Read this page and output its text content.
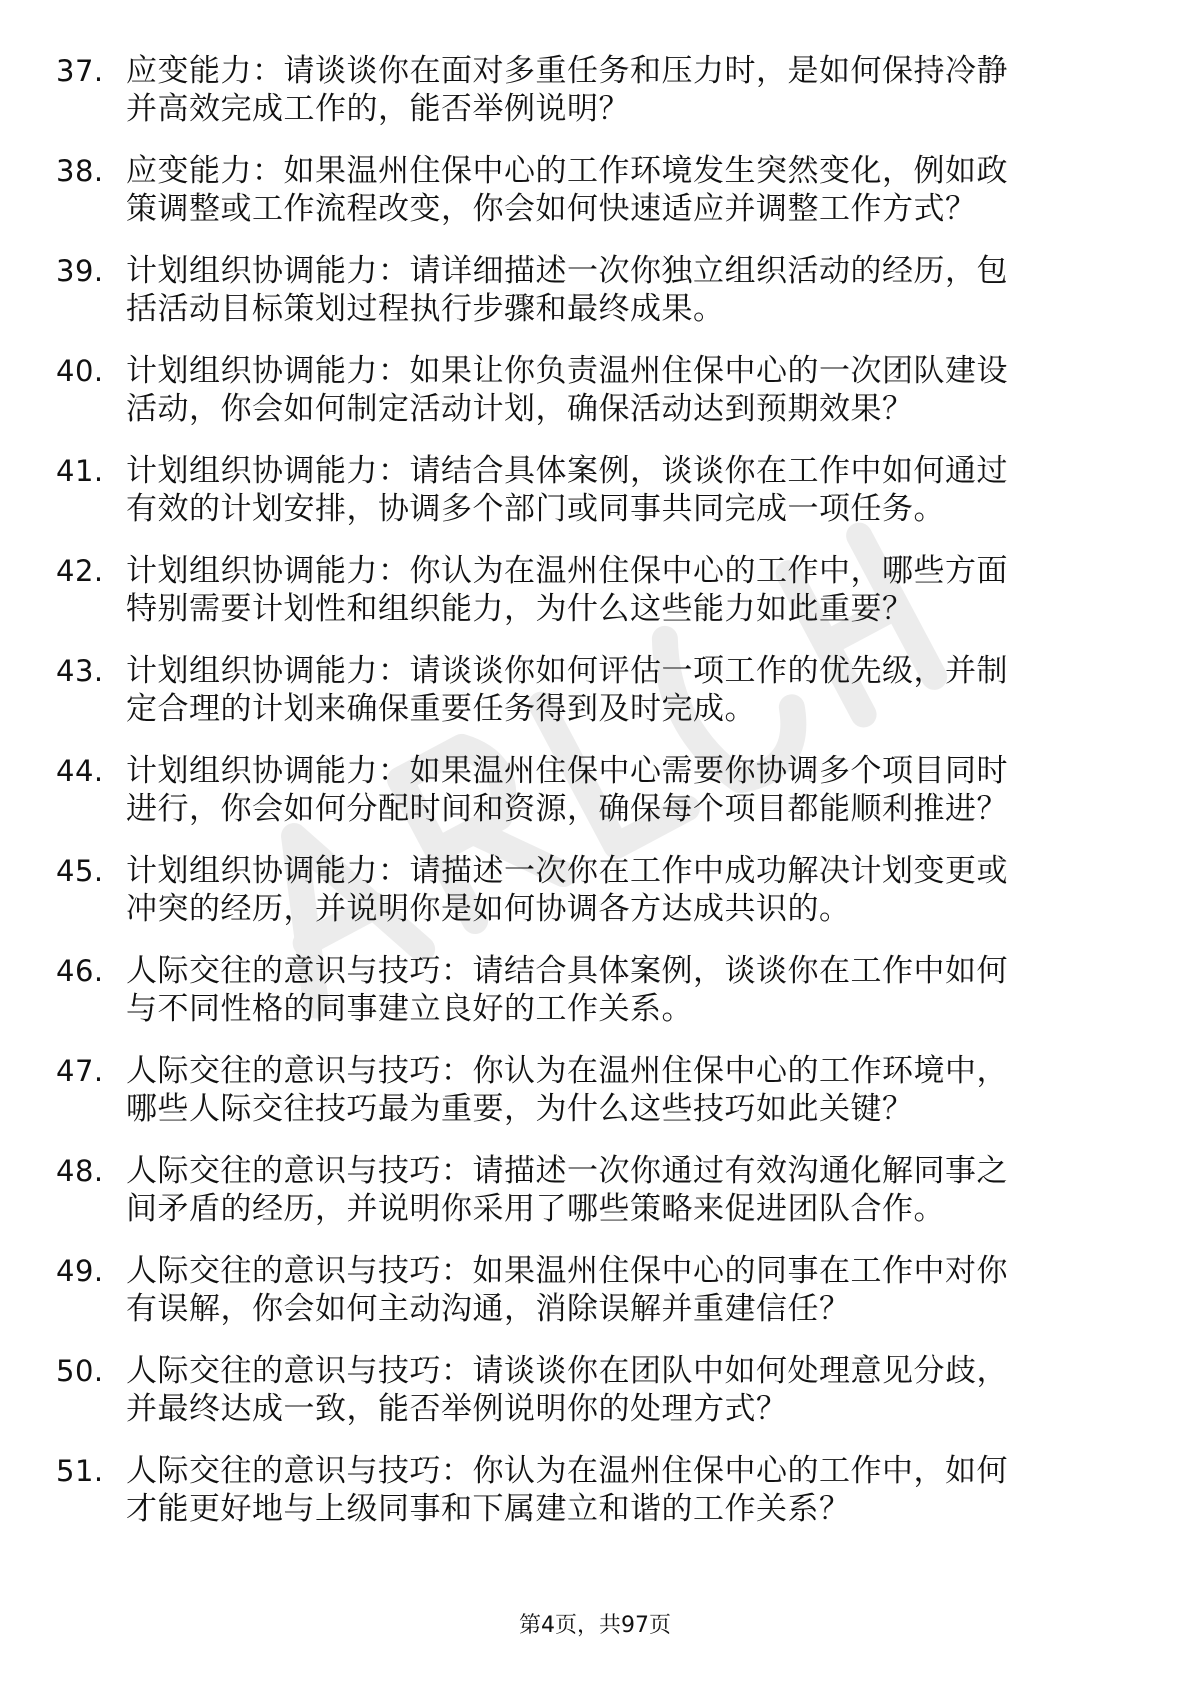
37. 应变能力：请谈谈你在面对多重任务和压力时，是如何保持冷静
并高效完成工作的，能否举例说明？
38. 应变能力：如果温州住保中心的工作环境发生突然变化，例如政
策调整或工作流程改变，你会如何快速适应并调整工作方式？
39. 计划组织协调能力：请详细描述一次你独立组织活动的经历，包
括活动目标策划过程执行步骤和最终成果。
40. 计划组织协调能力：如果让你负责温州住保中心的一次团队建设
活动，你会如何制定活动计划，确保活动达到预期效果？
41. 计划组织协调能力：请结合具体案例，谈谈你在工作中如何通过
有效的计划安排，协调多个部门或同事共同完成一项任务。
42. 计划组织协调能力：你认为在温州住保中心的工作中，哪些方面
特别需要计划性和组织能力，为什么这些能力如此重要？
43. 计划组织协调能力：请谈谈你如何评估一项工作的优先级，并制
定合理的计划来确保重要任务得到及时完成。
44. 计划组织协调能力：如果温州住保中心需要你协调多个项目同时
进行，你会如何分配时间和资源，确保每个项目都能顺利推进？
45. 计划组织协调能力：请描述一次你在工作中成功解决计划变更或
冲突的经历，并说明你是如何协调各方达成共识的。
46. 人际交往的意识与技巧：请结合具体案例，谈谈你在工作中如何
与不同性格的同事建立良好的工作关系。
47. 人际交往的意识与技巧：你认为在温州住保中心的工作环境中，
哪些人际交往技巧最为重要，为什么这些技巧如此关键？
48. 人际交往的意识与技巧：请描述一次你通过有效沟通化解同事之
间矛盾的经历，并说明你采用了哪些策略来促进团队合作。
49. 人际交往的意识与技巧：如果温州住保中心的同事在工作中对你
有误解，你会如何主动沟通，消除误解并重建信任？
50. 人际交往的意识与技巧：请谈谈你在团队中如何处理意见分歧，
并最终达成一致，能否举例说明你的处理方式？
51. 人际交往的意识与技巧：你认为在温州住保中心的工作中，如何
才能更好地与上级同事和下属建立和谐的工作关系？
第4页，共97页
